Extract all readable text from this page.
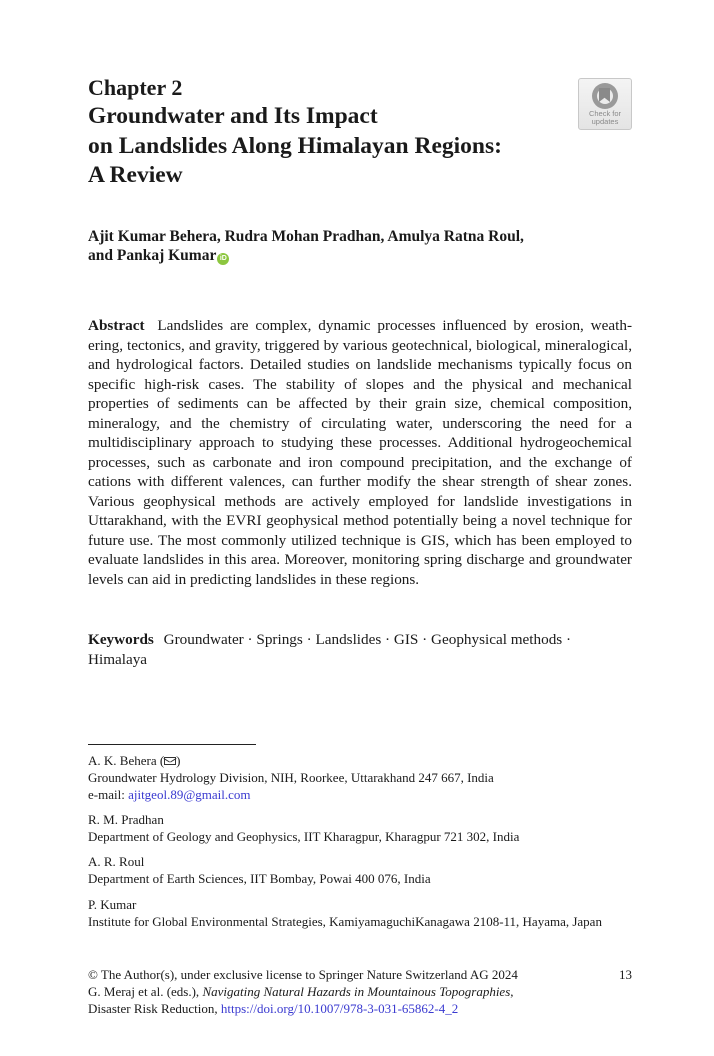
Chapter 2
Groundwater and Its Impact
on Landslides Along Himalayan Regions:
A Review
Check for
updates
Ajit Kumar Behera, Rudra Mohan Pradhan, Amulya Ratna Roul,
and Pankaj Kumar iD

Abstract Landslides are complex, dynamic processes influenced by erosion, weathering, tectonics, and gravity, triggered by various geotechnical, biological, mineralogical, and hydrological factors. Detailed studies on landslide mechanisms typically focus on specific high-risk cases. The stability of slopes and the physical and mechanical properties of sediments can be affected by their grain size, chemical composition, mineralogy, and the chemistry of circulating water, underscoring the need for a multidisciplinary approach to studying these processes. Additional hydrogeochemical processes, such as carbonate and iron compound precipitation, and the exchange of cations with different valences, can further modify the shear strength of shear zones. Various geophysical methods are actively employed for landslide investigations in Uttarakhand, with the EVRI geophysical method potentially being a novel technique for future use. The most commonly utilized technique is GIS, which has been employed to evaluate landslides in this area. Moreover, monitoring spring discharge and groundwater levels can aid in predicting landslides in these regions.

Keywords Groundwater · Springs · Landslides · GIS · Geophysical methods · Himalaya
A. K. Behera ( )
Groundwater Hydrology Division, NIH, Roorkee, Uttarakhand 247 667, India
e-mail: ajitgeol.89@gmail.com
R. M. Pradhan
Department of Geology and Geophysics, IIT Kharagpur, Kharagpur 721 302, India
A. R. Roul
Department of Earth Sciences, IIT Bombay, Powai 400 076, India
P. Kumar
Institute for Global Environmental Strategies, KamiyamaguchiKanagawa 2108-11, Hayama, Japan
13
© The Author(s), under exclusive license to Springer Nature Switzerland AG 2024
G. Meraj et al. (eds.), Navigating Natural Hazards in Mountainous Topographies,
Disaster Risk Reduction, https://doi.org/10.1007/978-3-031-65862-4_2
